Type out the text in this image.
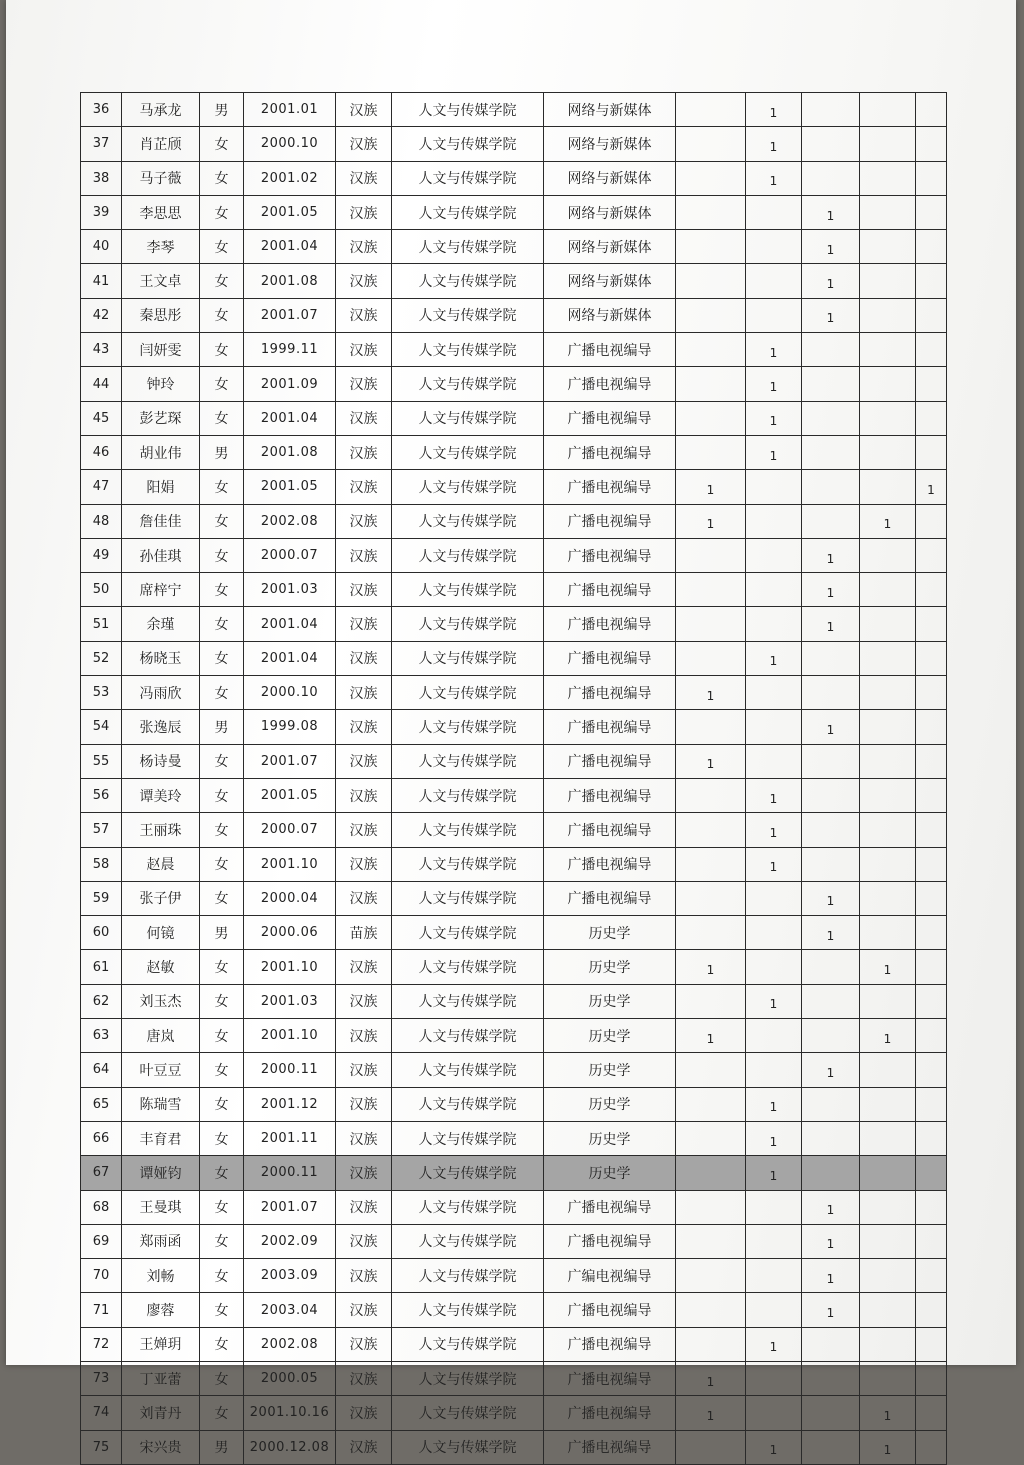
36	马承龙	男	2001.01	汉族	人文与传媒学院	网络与新媒体		1			
37	肖芷颀	女	2000.10	汉族	人文与传媒学院	网络与新媒体		1			
38	马子薇	女	2001.02	汉族	人文与传媒学院	网络与新媒体		1			
39	李思思	女	2001.05	汉族	人文与传媒学院	网络与新媒体			1		
40	李琴	女	2001.04	汉族	人文与传媒学院	网络与新媒体			1		
41	王文卓	女	2001.08	汉族	人文与传媒学院	网络与新媒体			1		
42	秦思彤	女	2001.07	汉族	人文与传媒学院	网络与新媒体			1		
43	闫妍雯	女	1999.11	汉族	人文与传媒学院	广播电视编导		1			
44	钟玲	女	2001.09	汉族	人文与传媒学院	广播电视编导		1			
45	彭艺琛	女	2001.04	汉族	人文与传媒学院	广播电视编导		1			
46	胡业伟	男	2001.08	汉族	人文与传媒学院	广播电视编导		1			
47	阳娟	女	2001.05	汉族	人文与传媒学院	广播电视编导	1				1
48	詹佳佳	女	2002.08	汉族	人文与传媒学院	广播电视编导	1			1	
49	孙佳琪	女	2000.07	汉族	人文与传媒学院	广播电视编导			1		
50	席梓宁	女	2001.03	汉族	人文与传媒学院	广播电视编导			1		
51	余瑾	女	2001.04	汉族	人文与传媒学院	广播电视编导			1		
52	杨晓玉	女	2001.04	汉族	人文与传媒学院	广播电视编导		1			
53	冯雨欣	女	2000.10	汉族	人文与传媒学院	广播电视编导	1				
54	张逸辰	男	1999.08	汉族	人文与传媒学院	广播电视编导			1		
55	杨诗曼	女	2001.07	汉族	人文与传媒学院	广播电视编导	1				
56	谭美玲	女	2001.05	汉族	人文与传媒学院	广播电视编导		1			
57	王丽珠	女	2000.07	汉族	人文与传媒学院	广播电视编导		1			
58	赵晨	女	2001.10	汉族	人文与传媒学院	广播电视编导		1			
59	张子伊	女	2000.04	汉族	人文与传媒学院	广播电视编导			1		
60	何镜	男	2000.06	苗族	人文与传媒学院	历史学			1		
61	赵敏	女	2001.10	汉族	人文与传媒学院	历史学	1			1	
62	刘玉杰	女	2001.03	汉族	人文与传媒学院	历史学		1			
63	唐岚	女	2001.10	汉族	人文与传媒学院	历史学	1			1	
64	叶豆豆	女	2000.11	汉族	人文与传媒学院	历史学			1		
65	陈瑞雪	女	2001.12	汉族	人文与传媒学院	历史学		1			
66	丰育君	女	2001.11	汉族	人文与传媒学院	历史学		1			
67	谭娅钧	女	2000.11	汉族	人文与传媒学院	历史学		1			
68	王曼琪	女	2001.07	汉族	人文与传媒学院	广播电视编导			1		
69	郑雨函	女	2002.09	汉族	人文与传媒学院	广播电视编导			1		
70	刘畅	女	2003.09	汉族	人文与传媒学院	广编电视编导			1		
71	廖蓉	女	2003.04	汉族	人文与传媒学院	广播电视编导			1		
72	王婵玥	女	2002.08	汉族	人文与传媒学院	广播电视编导		1			
73	丁亚蕾	女	2000.05	汉族	人文与传媒学院	广播电视编导	1				
74	刘青丹	女	2001.10.16	汉族	人文与传媒学院	广播电视编导	1			1	
75	宋兴贵	男	2000.12.08	汉族	人文与传媒学院	广播电视编导		1		1	
